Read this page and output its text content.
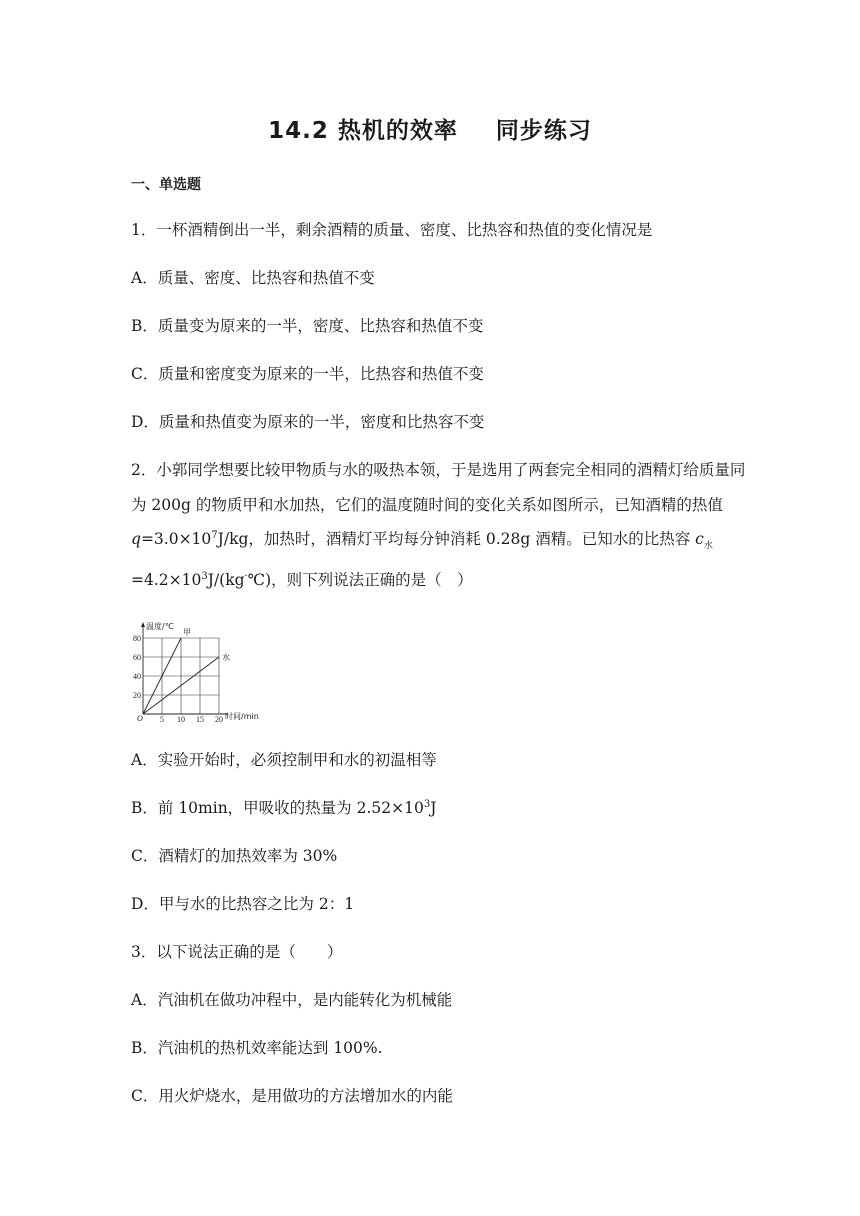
14.2 热机的效率 同步练习
一、单选题
1．一杯酒精倒出一半，剩余酒精的质量、密度、比热容和热值的变化情况是
A．质量、密度、比热容和热值不变
B．质量变为原来的一半，密度、比热容和热值不变
C．质量和密度变为原来的一半，比热容和热值不变
D．质量和热值变为原来的一半，密度和比热容不变
2．小郭同学想要比较甲物质与水的吸热本领，于是选用了两套完全相同的酒精灯给质量同
为 200g 的物质甲和水加热，它们的温度随时间的变化关系如图所示，已知酒精的热值
$q=3.0\times 10^7J/kg$，加热时，酒精灯平均每分钟消耗 0.28g 酒精。已知水的比热容 $c_水$
$=4.2\times 10^3J/(kg^\cdot℃)$，则下列说法正确的是（　）
温度/℃
时间/min
O 5 10 15 20
20
40
60
80
甲
水
A．实验开始时，必须控制甲和水的初温相等
B．前 10min，甲吸收的热量为 $2.52\times 10^3J$
C．酒精灯的加热效率为 30%
D．甲与水的比热容之比为 2：1
3．以下说法正确的是（　　）
A．汽油机在做功冲程中，是内能转化为机械能
B．汽油机的热机效率能达到 100%.
C．用火炉烧水，是用做功的方法增加水的内能
